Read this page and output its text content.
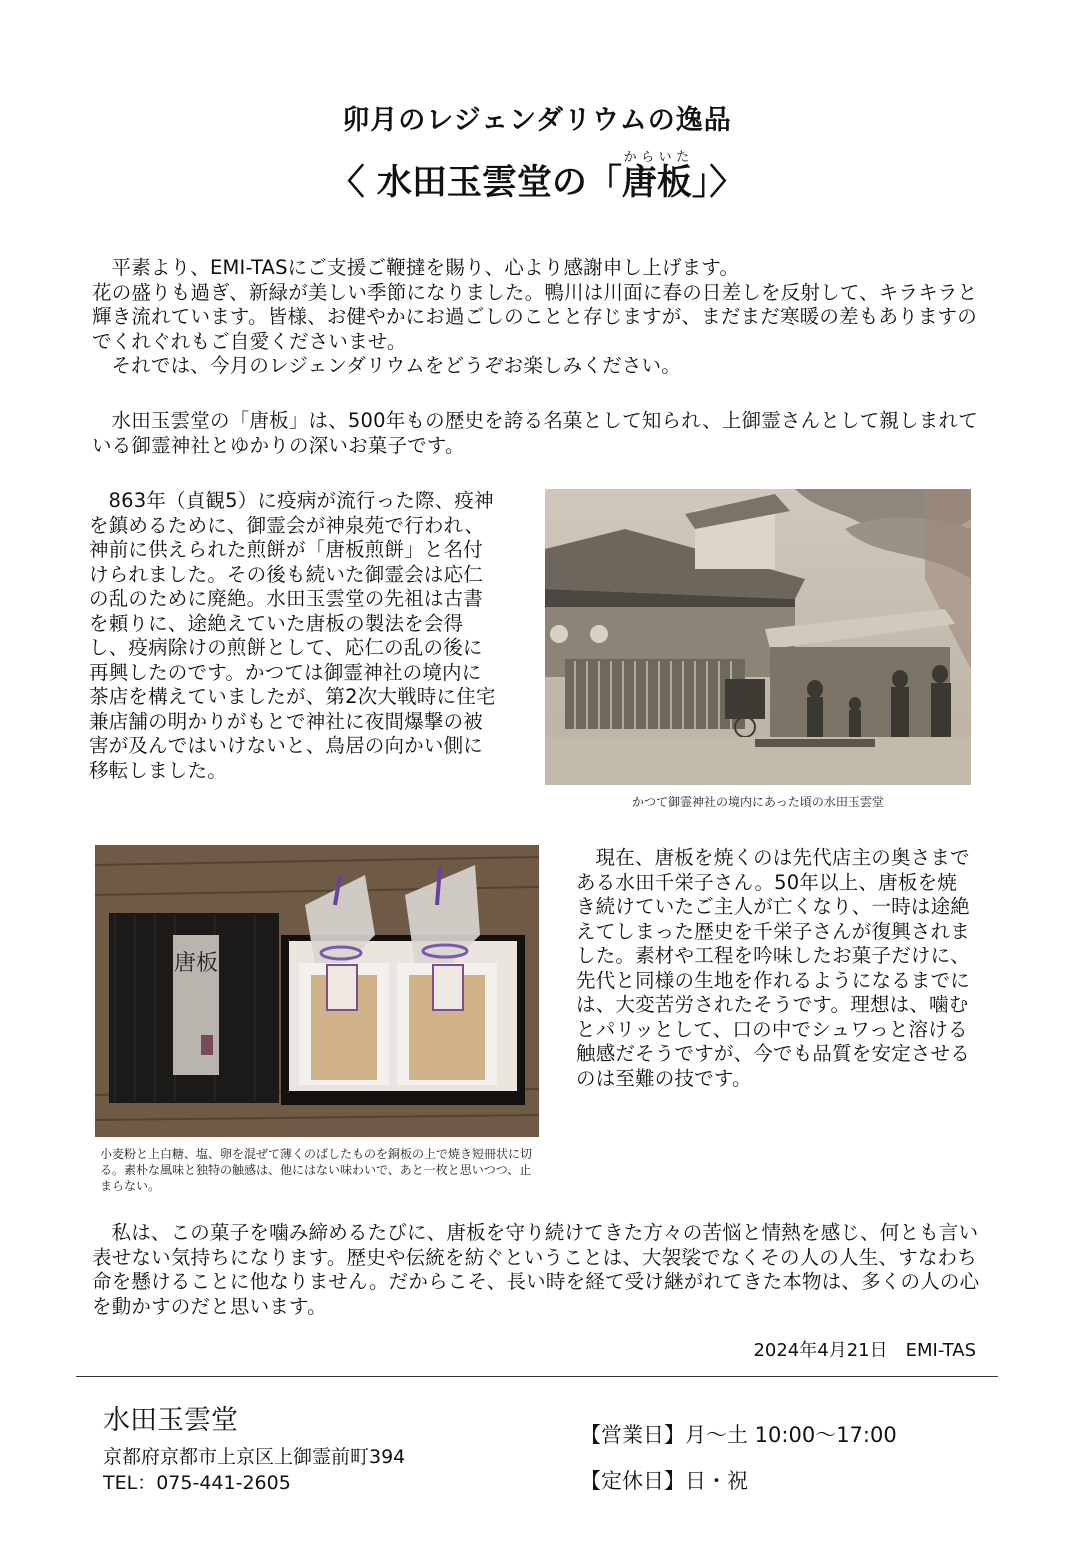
卯月のレジェンダリウムの逸品
〈 水田玉雲堂の「唐板からいた」〉

平素より、EMI-TASにご支援ご鞭撻を賜り、心より感謝申し上げます。

花の盛りも過ぎ、新緑が美しい季節になりました。鴨川は川面に春の日差しを反射して、キラキラと輝き流れています。皆様、お健やかにお過ごしのことと存じますが、まだまだ寒暖の差もありますのでくれぐれもご自愛くださいませ。

それでは、今月のレジェンダリウムをどうぞお楽しみください。

水田玉雲堂の「唐板」は、500年もの歴史を誇る名菓として知られ、上御霊さんとして親しまれている御霊神社とゆかりの深いお菓子です。

863年（貞観5）に疫病が流行った際、疫神を鎮めるために、御霊会が神泉苑で行われ、神前に供えられた煎餅が「唐板煎餅」と名付けられました。その後も続いた御霊会は応仁の乱のために廃絶。水田玉雲堂の先祖は古書を頼りに、途絶えていた唐板の製法を会得し、疫病除けの煎餅として、応仁の乱の後に再興したのです。かつては御霊神社の境内に茶店を構えていましたが、第2次大戦時に住宅兼店舗の明かりがもとで神社に夜間爆撃の被害が及んではいけないと、鳥居の向かい側に移転しました。

かつて御霊神社の境内にあった頃の水田玉雲堂
唐板
小麦粉と上白糖、塩、卵を混ぜて薄くのばしたものを銅板の上で焼き短冊状に切る。素朴な風味と独特の触感は、他にはない味わいで、あと一枚と思いつつ、止まらない。

現在、唐板を焼くのは先代店主の奥さまである水田千栄子さん。50年以上、唐板を焼き続けていたご主人が亡くなり、一時は途絶えてしまった歴史を千栄子さんが復興されました。素材や工程を吟味したお菓子だけに、先代と同様の生地を作れるようになるまでには、大変苦労されたそうです。理想は、噛むとパリッとして、口の中でシュワっと溶ける触感だそうですが、今でも品質を安定させるのは至難の技です。

私は、この菓子を噛み締めるたびに、唐板を守り続けてきた方々の苦悩と情熱を感じ、何とも言い表せない気持ちになります。歴史や伝統を紡ぐということは、大袈裟でなくその人の人生、すなわち命を懸けることに他なりません。だからこそ、長い時を経て受け継がれてきた本物は、多くの人の心を動かすのだと思います。

2024年4月21日　EMI-TAS
水田玉雲堂
京都府京都市上京区上御霊前町394
TEL：075-441-2605
【営業日】月〜土 10:00〜17:00
【定休日】日・祝
